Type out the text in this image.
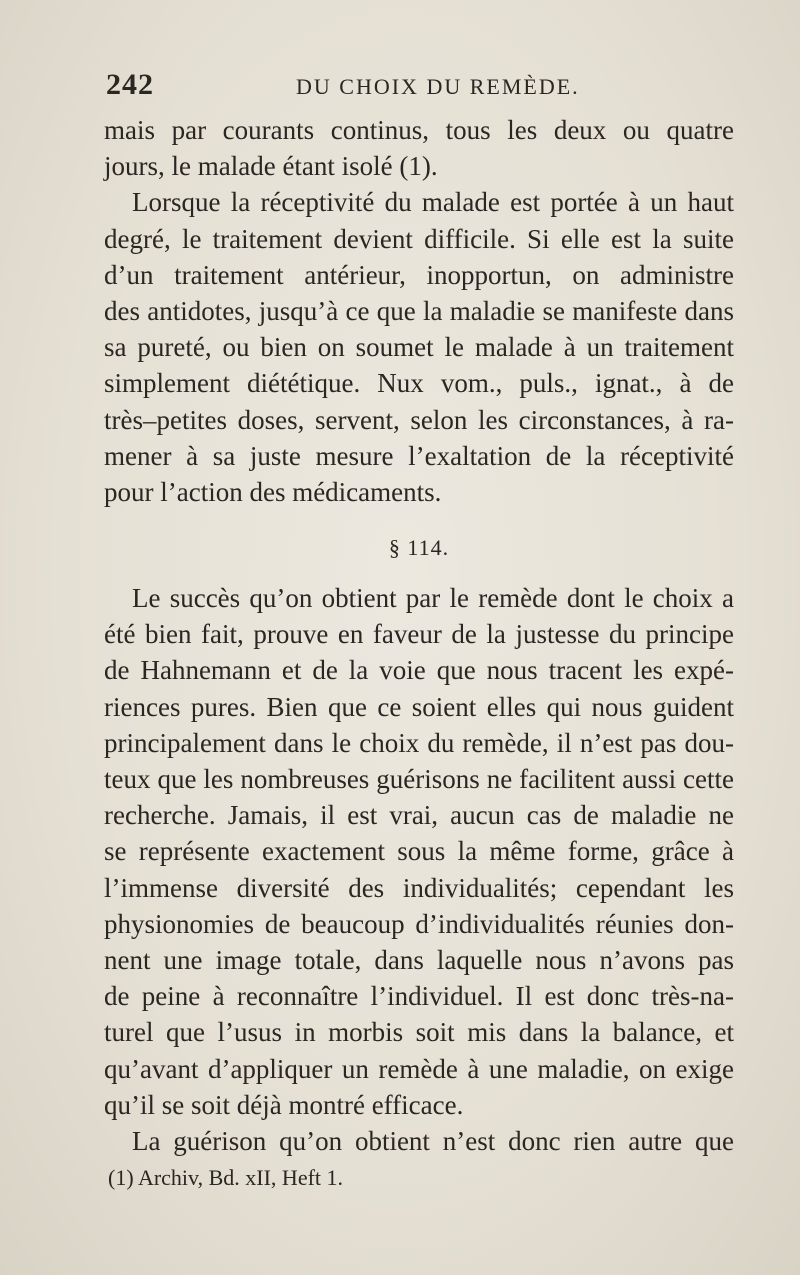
242	DU CHOIX DU REMÈDE.
mais par courants continus, tous les deux ou quatre
jours, le malade étant isolé (1).
Lorsque la réceptivité du malade est portée à un haut
degré, le traitement devient difficile. Si elle est la suite
d’un traitement antérieur, inopportun, on administre
des antidotes, jusqu’à ce que la maladie se manifeste dans
sa pureté, ou bien on soumet le malade à un traitement
simplement diététique. Nux vom., puls., ignat., à de
très–petites doses, servent, selon les circonstances, à ra-
mener à sa juste mesure l’exaltation de la réceptivité
pour l’action des médicaments.
§ 114.
Le succès qu’on obtient par le remède dont le choix a
été bien fait, prouve en faveur de la justesse du principe
de Hahnemann et de la voie que nous tracent les expé-
riences pures. Bien que ce soient elles qui nous guident
principalement dans le choix du remède, il n’est pas dou-
teux que les nombreuses guérisons ne facilitent aussi cette
recherche. Jamais, il est vrai, aucun cas de maladie ne
se représente exactement sous la même forme, grâce à
l’immense diversité des individualités; cependant les
physionomies de beaucoup d’individualités réunies don-
nent une image totale, dans laquelle nous n’avons pas
de peine à reconnaître l’individuel. Il est donc très-na-
turel que l’usus in morbis soit mis dans la balance, et
qu’avant d’appliquer un remède à une maladie, on exige
qu’il se soit déjà montré efficace.
La guérison qu’on obtient n’est donc rien autre que
(1) Archiv, Bd. xII, Heft 1.
